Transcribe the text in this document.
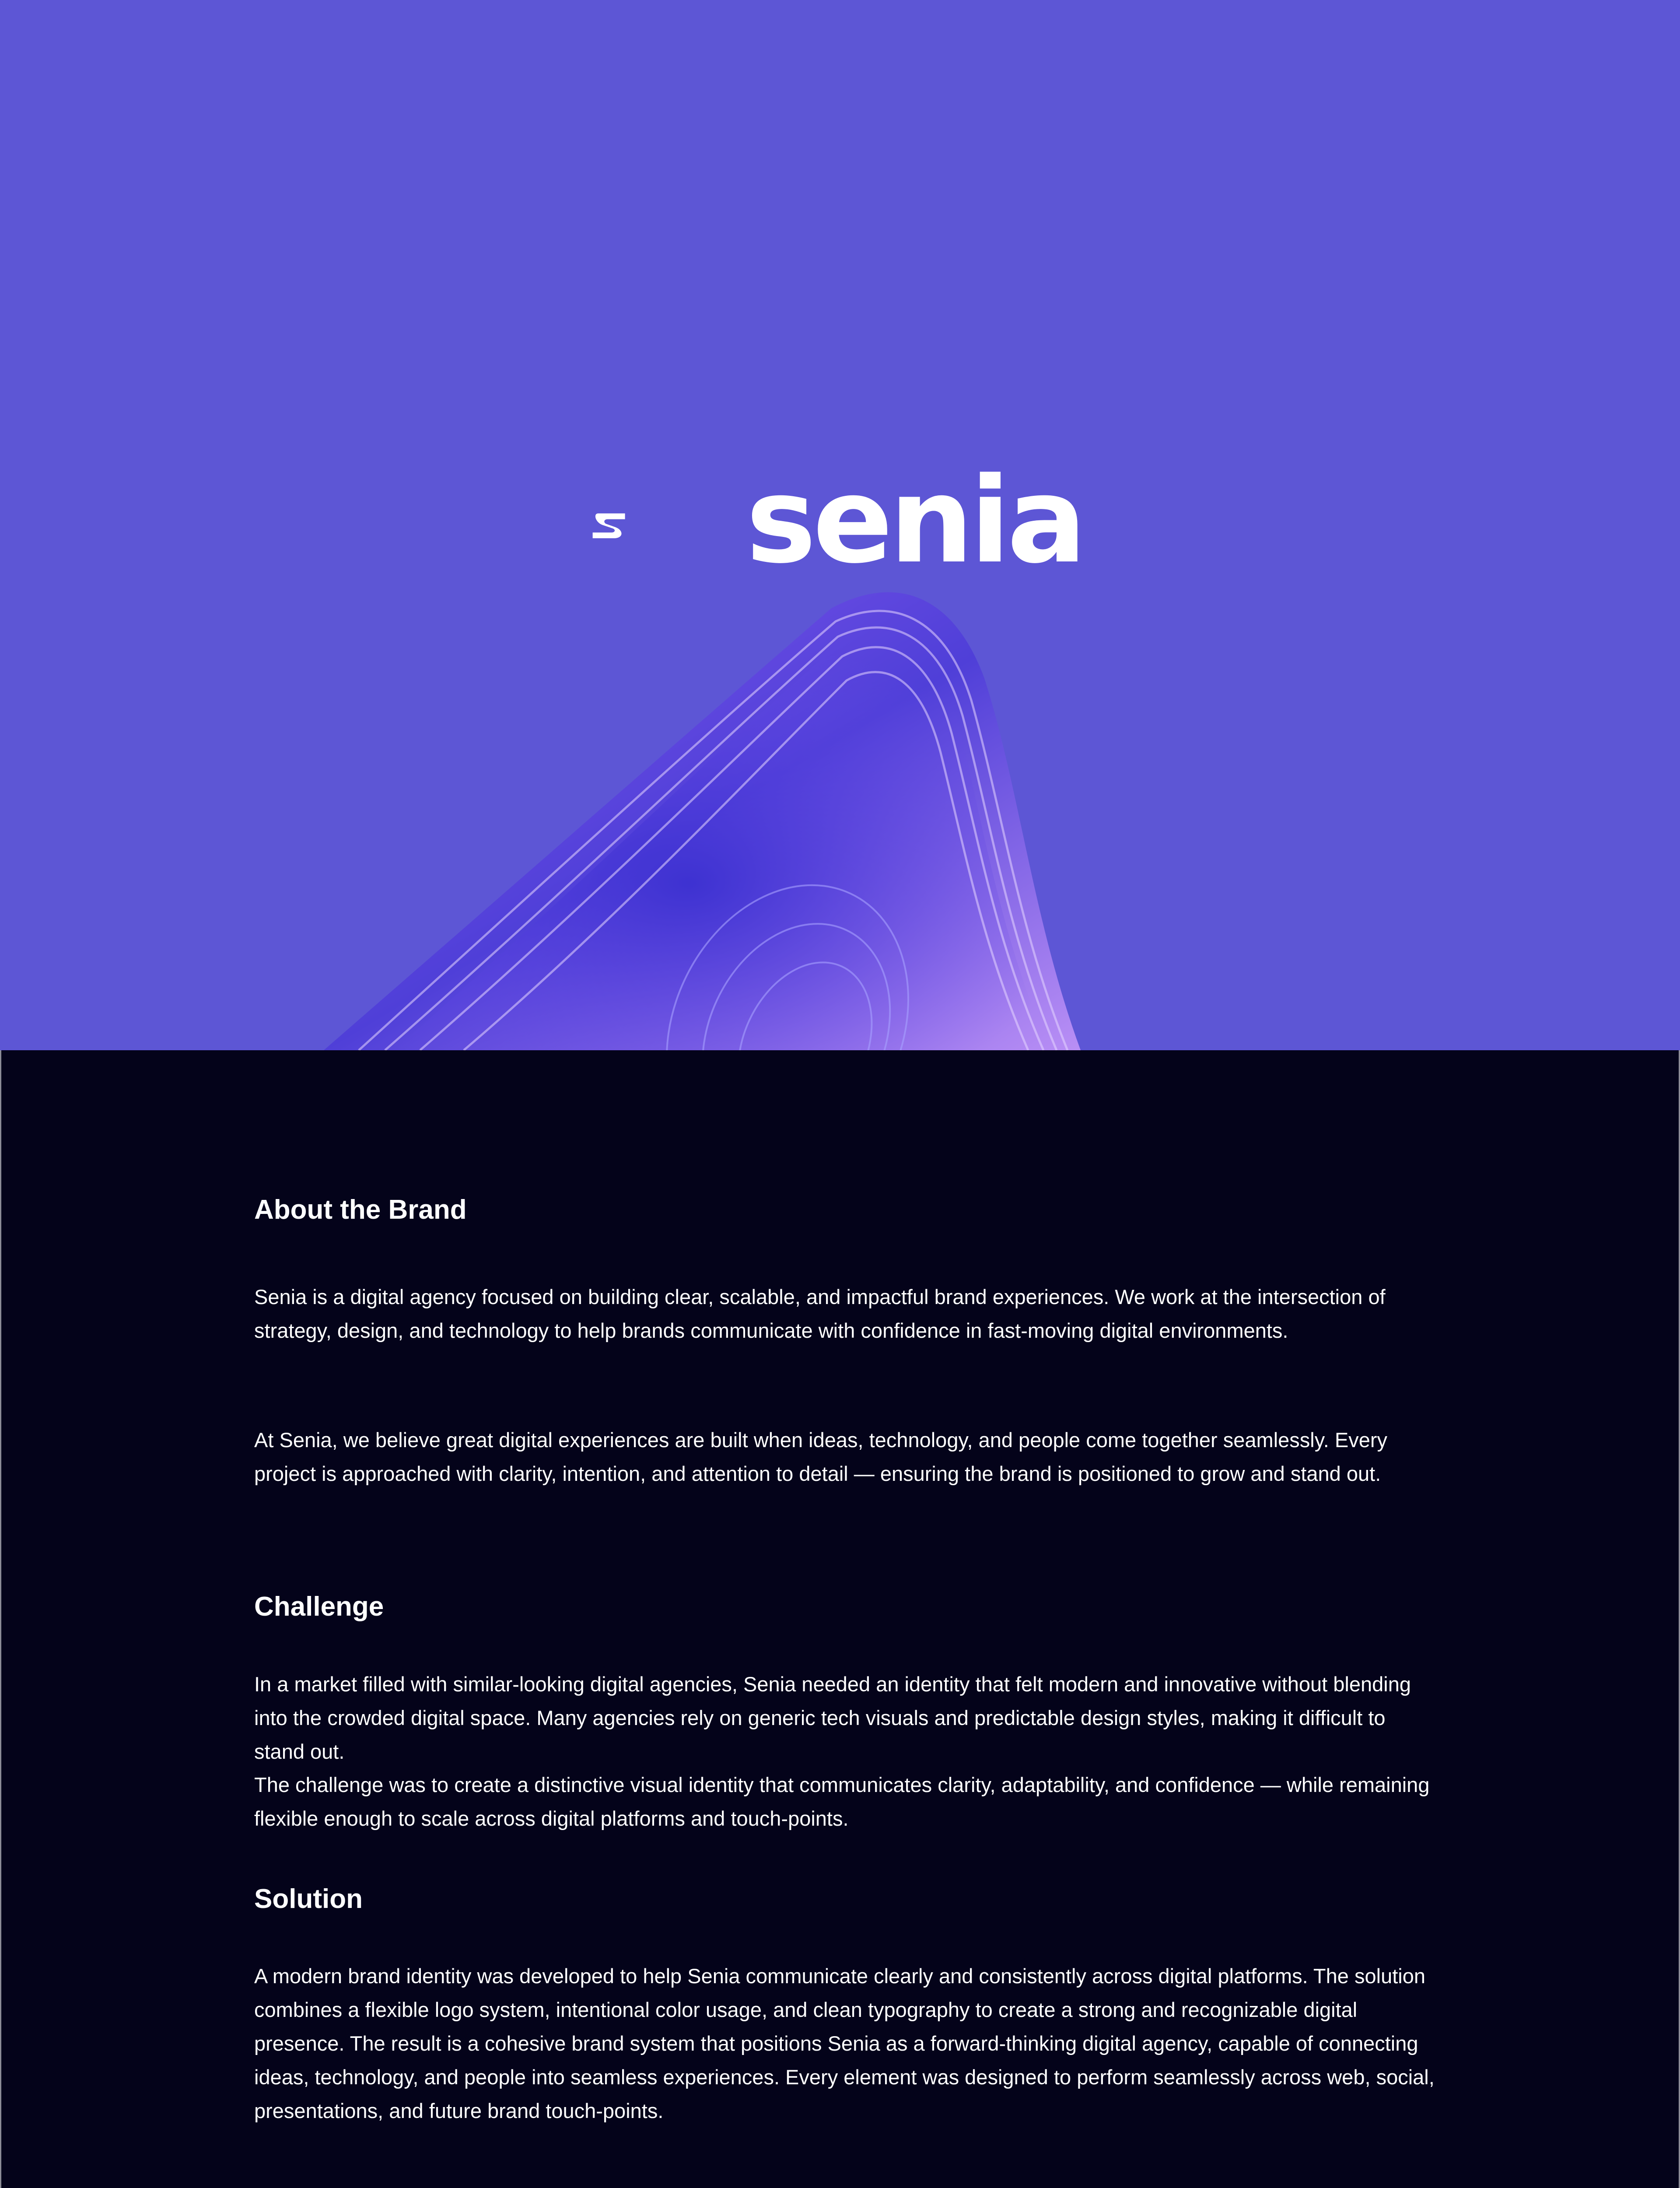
senia
About the Brand

Senia is a digital agency focused on building clear, scalable, and impactful brand experiences. We work at the intersection of strategy, design, and technology to help brands communicate with confidence in fast-moving digital environments.

At Senia, we believe great digital experiences are built when ideas, technology, and people come together seamlessly. Every project is approached with clarity, intention, and attention to detail — ensuring the brand is positioned to grow and stand out.

Challenge

In a market filled with similar-looking digital agencies, Senia needed an identity that felt modern and innovative without blending into the crowded digital space. Many agencies rely on generic tech visuals and predictable design styles, making it difficult to stand out.

The challenge was to create a distinctive visual identity that communicates clarity, adaptability, and confidence — while remaining flexible enough to scale across digital platforms and touch-points.

Solution

A modern brand identity was developed to help Senia communicate clearly and consistently across digital platforms. The solution combines a flexible logo system, intentional color usage, and clean typography to create a strong and recognizable digital presence. The result is a cohesive brand system that positions Senia as a forward-thinking digital agency, capable of connecting ideas, technology, and people into seamless experiences. Every element was designed to perform seamlessly across web, social, presentations, and future brand touch-points.
